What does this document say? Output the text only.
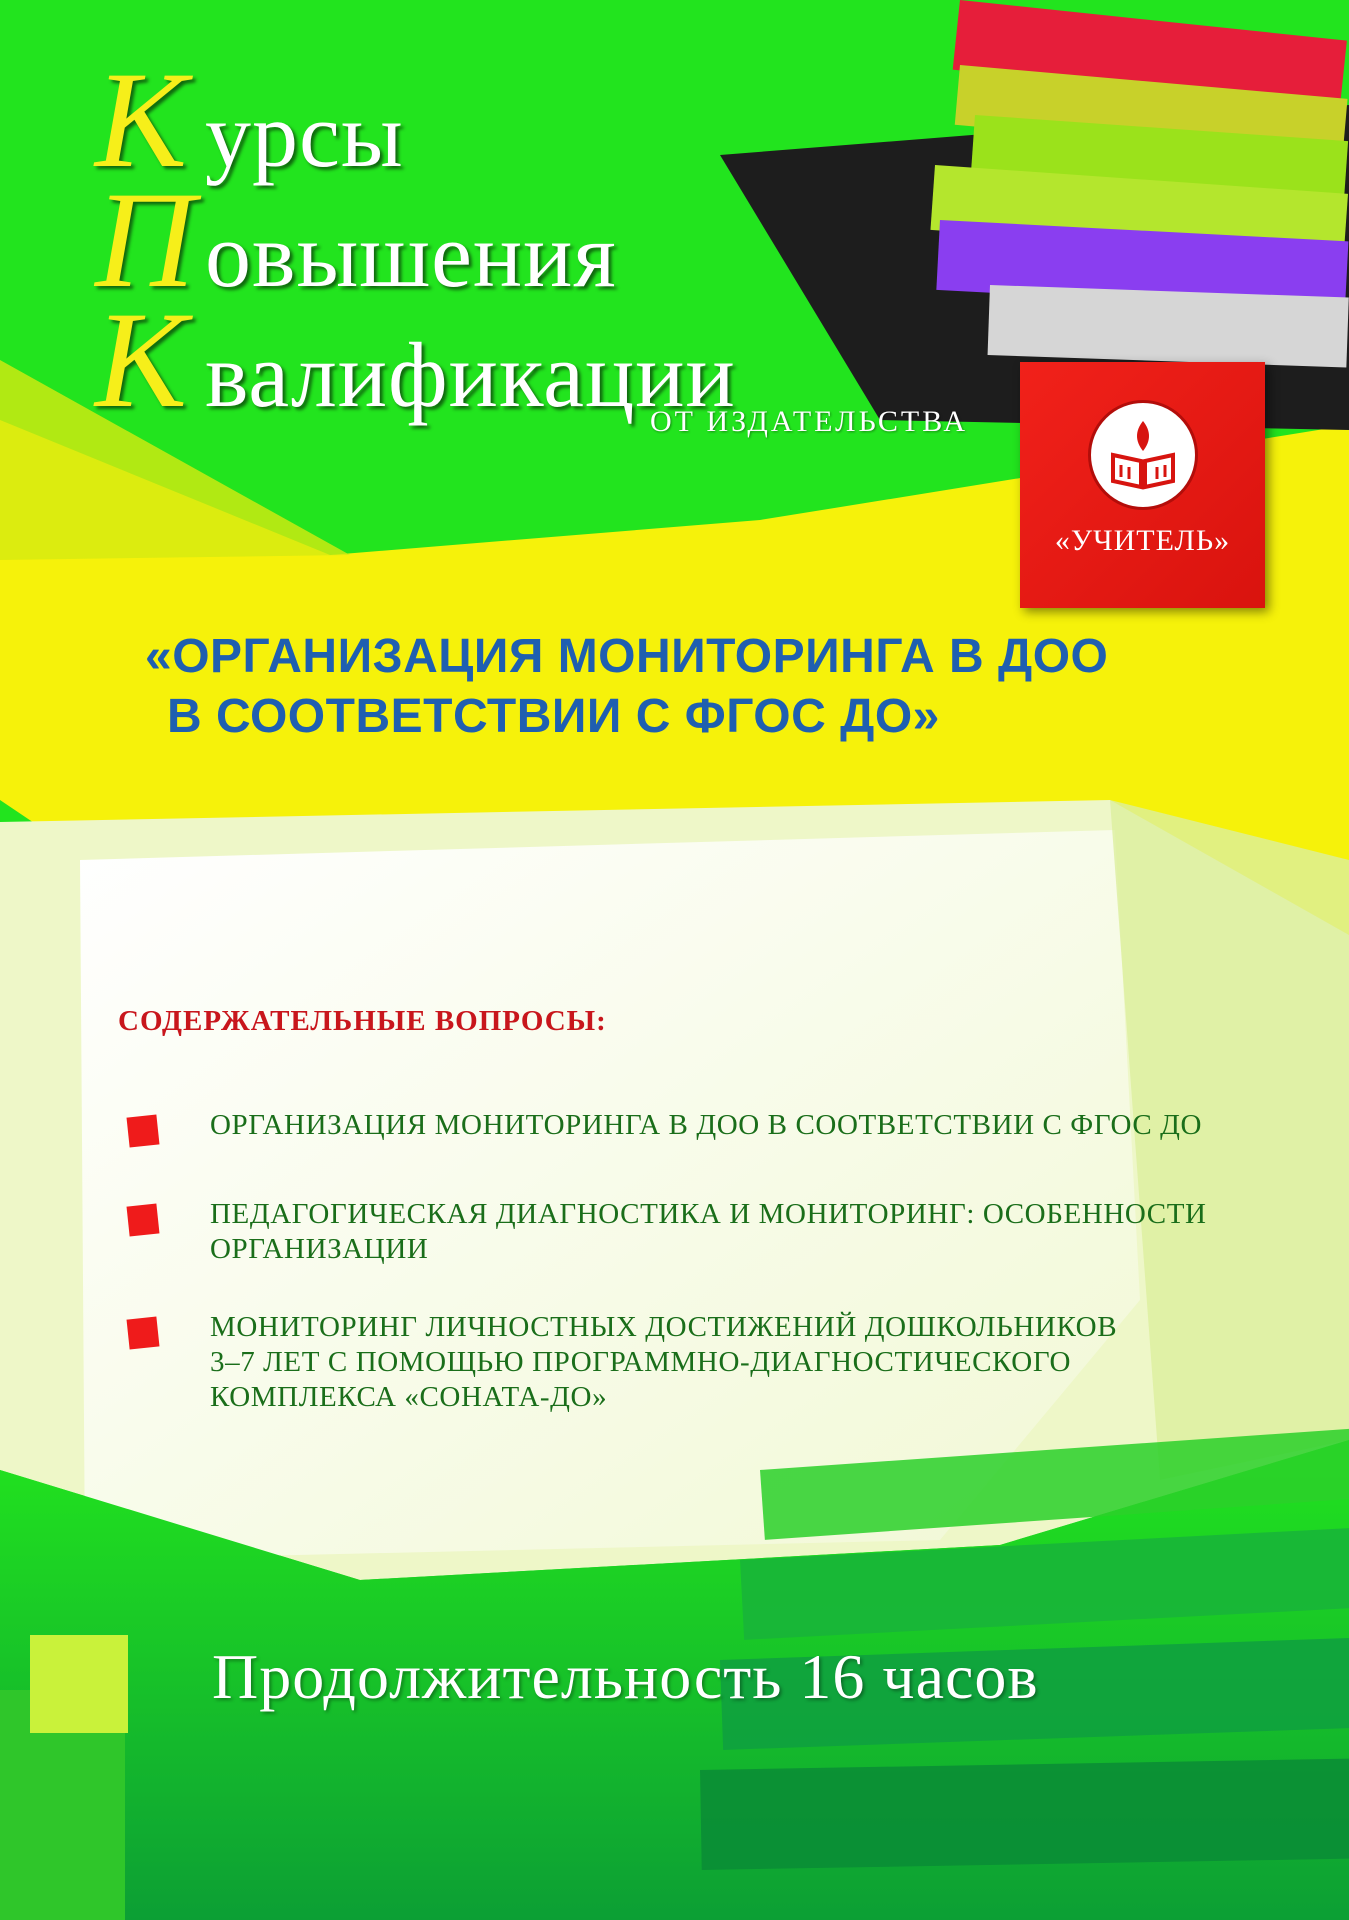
Курсы
Повышения
Квалификации
ОТ ИЗДАТЕЛЬСТВА
«УЧИТЕЛЬ»
«ОРГАНИЗАЦИЯ МОНИТОРИНГА В ДОО
В СООТВЕТСТВИИ С ФГОС ДО»
СОДЕРЖАТЕЛЬНЫЕ ВОПРОСЫ:
ОРГАНИЗАЦИЯ МОНИТОРИНГА В ДОО В СООТВЕТСТВИИ С ФГОС ДО
ПЕДАГОГИЧЕСКАЯ ДИАГНОСТИКА И МОНИТОРИНГ: ОСОБЕННОСТИ
ОРГАНИЗАЦИИ
МОНИТОРИНГ ЛИЧНОСТНЫХ ДОСТИЖЕНИЙ ДОШКОЛЬНИКОВ
3–7 ЛЕТ С ПОМОЩЬЮ ПРОГРАММНО-ДИАГНОСТИЧЕСКОГО
КОМПЛЕКСА «СОНАТА-ДО»
Продолжительность 16 часов
